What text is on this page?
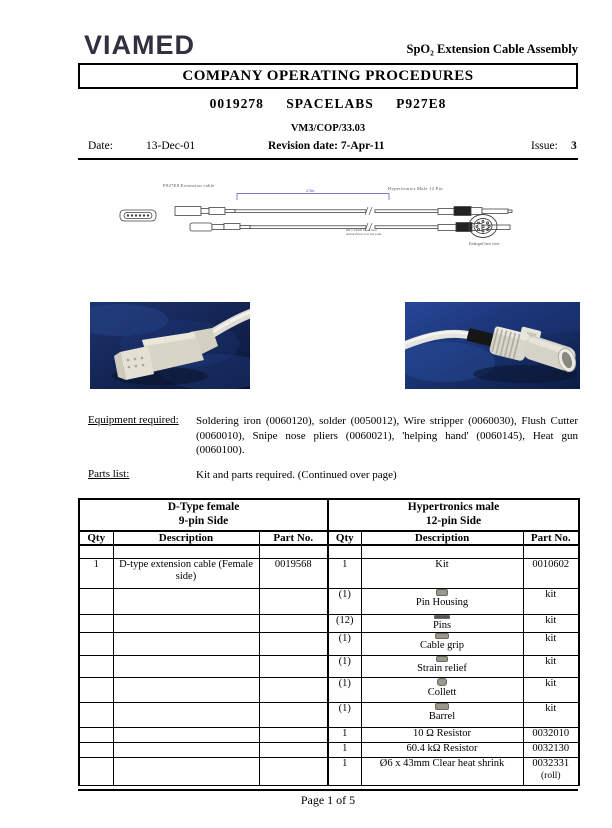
VIAMED	SpO₂ Extension Cable Assembly
COMPANY OPERATING PROCEDURES
0019278 SPACELABS P927E8
VM3/COP/33.03
Date:	13-Dec-01	Revision date: 7-Apr-11	Issue: 3
P927E8 Extension cable
Hypertronics Male 12 Pin
2.5m
Ø6 x 43mm Clear heat
shrink fitted over the joint
Enlarged face view
Equipment required:	Soldering iron (0060120), solder (0050012), Wire stripper (0060030), Flush Cutter (0060010), Snipe nose pliers (0060021), 'helping hand' (0060145), Heat gun (0060100).
Parts list:	Kit and parts required. (Continued over page)
D-Type female
9-pin Side			Hypertronics male
12-pin Side		
Qty	Description	Part No.	Qty	Description	Part No.

1	D-type extension cable (Female side)	0019568	1	Kit	0010602
			(1)	Pin Housing	kit
			(12)	Pins	kit
			(1)	Cable grip	kit
			(1)	Strain relief	kit
			(1)	Collett	kit
			(1)	Barrel	kit
			1	10 Ω Resistor	0032010
			1	60.4 kΩ Resistor	0032130
			1	Ø6 x 43mm Clear heat shrink	0032331
(roll)
Page 1 of 5
